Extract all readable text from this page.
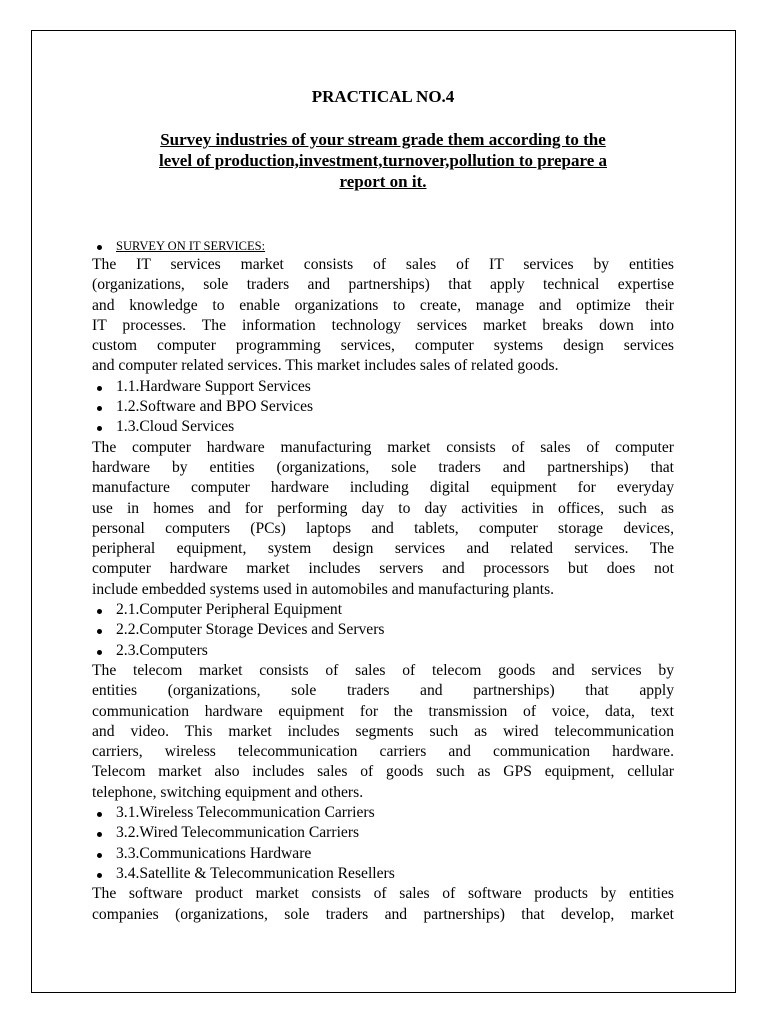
PRACTICAL NO.4
Survey industries of your stream grade them according to the
level of production,investment,turnover,pollution to prepare a
report on it.
SURVEY ON IT SERVICES:

The IT services market consists of sales of IT services by entities
(organizations, sole traders and partnerships) that apply technical expertise
and knowledge to enable organizations to create, manage and optimize their
IT processes. The information technology services market breaks down into
custom computer programming services, computer systems design services
and computer related services. This market includes sales of related goods.

1.1.Hardware Support Services
1.2.Software and BPO Services
1.3.Cloud Services

The computer hardware manufacturing market consists of sales of computer
hardware by entities (organizations, sole traders and partnerships) that
manufacture computer hardware including digital equipment for everyday
use in homes and for performing day to day activities in offices, such as
personal computers (PCs) laptops and tablets, computer storage devices,
peripheral equipment, system design services and related services. The
computer hardware market includes servers and processors but does not
include embedded systems used in automobiles and manufacturing plants.

2.1.Computer Peripheral Equipment
2.2.Computer Storage Devices and Servers
2.3.Computers

The telecom market consists of sales of telecom goods and services by
entities (organizations, sole traders and partnerships) that apply
communication hardware equipment for the transmission of voice, data, text
and video. This market includes segments such as wired telecommunication
carriers, wireless telecommunication carriers and communication hardware.
Telecom market also includes sales of goods such as GPS equipment, cellular
telephone, switching equipment and others.

3.1.Wireless Telecommunication Carriers
3.2.Wired Telecommunication Carriers
3.3.Communications Hardware
3.4.Satellite & Telecommunication Resellers

The software product market consists of sales of software products by entities
companies (organizations, sole traders and partnerships) that develop, market
